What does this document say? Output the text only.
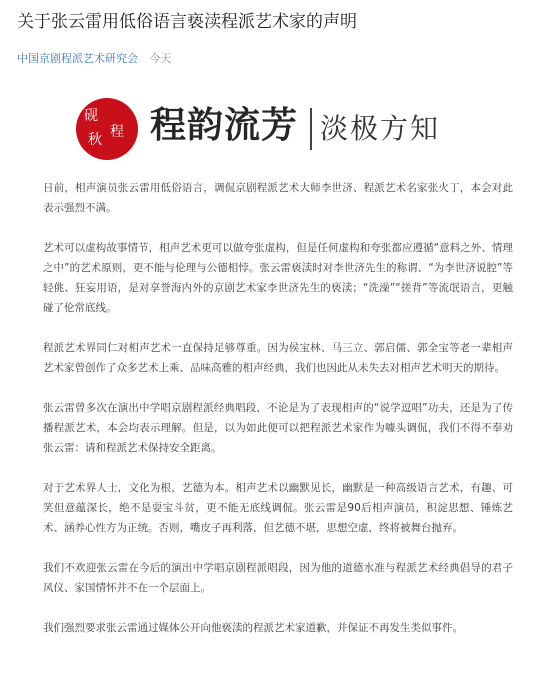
关于张云雷用低俗语言亵渎程派艺术家的声明
中国京剧程派艺术研究会 今天
砚
秋 程 程韵流芳 淡极方知

日前，相声演员张云雷用低俗语言，调侃京剧程派艺术大师李世济、程派艺术名家张火丁，本会对此表示强烈不满。

艺术可以虚构故事情节，相声艺术更可以做夸张虚构，但是任何虚构和夸张都应遵循“意料之外、情理之中”的艺术原则，更不能与伦理与公德相悖。张云雷亵渎时对李世济先生的称谓、“为李世济说腔”等轻佻、狂妄用语，是对享誉海内外的京剧艺术家李世济先生的亵渎；“洗澡”“搓背”等流氓语言，更触碰了伦常底线。

程派艺术界同仁对相声艺术一直保持足够尊重。因为侯宝林、马三立、郭启儒、郭全宝等老一辈相声艺术家曾创作了众多艺术上乘、品味高雅的相声经典，我们也因此从未失去对相声艺术明天的期待。

张云雷曾多次在演出中学唱京剧程派经典唱段，不论是为了表现相声的“说学逗唱”功夫，还是为了传播程派艺术，本会均表示理解。但是，以为如此便可以把程派艺术家作为噱头调侃，我们不得不奉劝张云雷：请和程派艺术保持安全距离。

对于艺术界人士，文化为根，艺德为本。相声艺术以幽默见长，幽默是一种高级语言艺术，有趣、可笑但意蕴深长，绝不是耍宝斗贫，更不能无底线调侃。张云雷是90后相声演员，积淀思想、锤炼艺术、涵养心性方为正统。否则，嘴皮子再利落，但艺德不堪，思想空虚，终将被舞台抛弃。

我们不欢迎张云雷在今后的演出中学唱京剧程派唱段，因为他的道德水准与程派艺术经典倡导的君子风仪、家国情怀并不在一个层面上。

我们强烈要求张云雷通过媒体公开向他亵渎的程派艺术家道歉，并保证不再发生类似事件。
